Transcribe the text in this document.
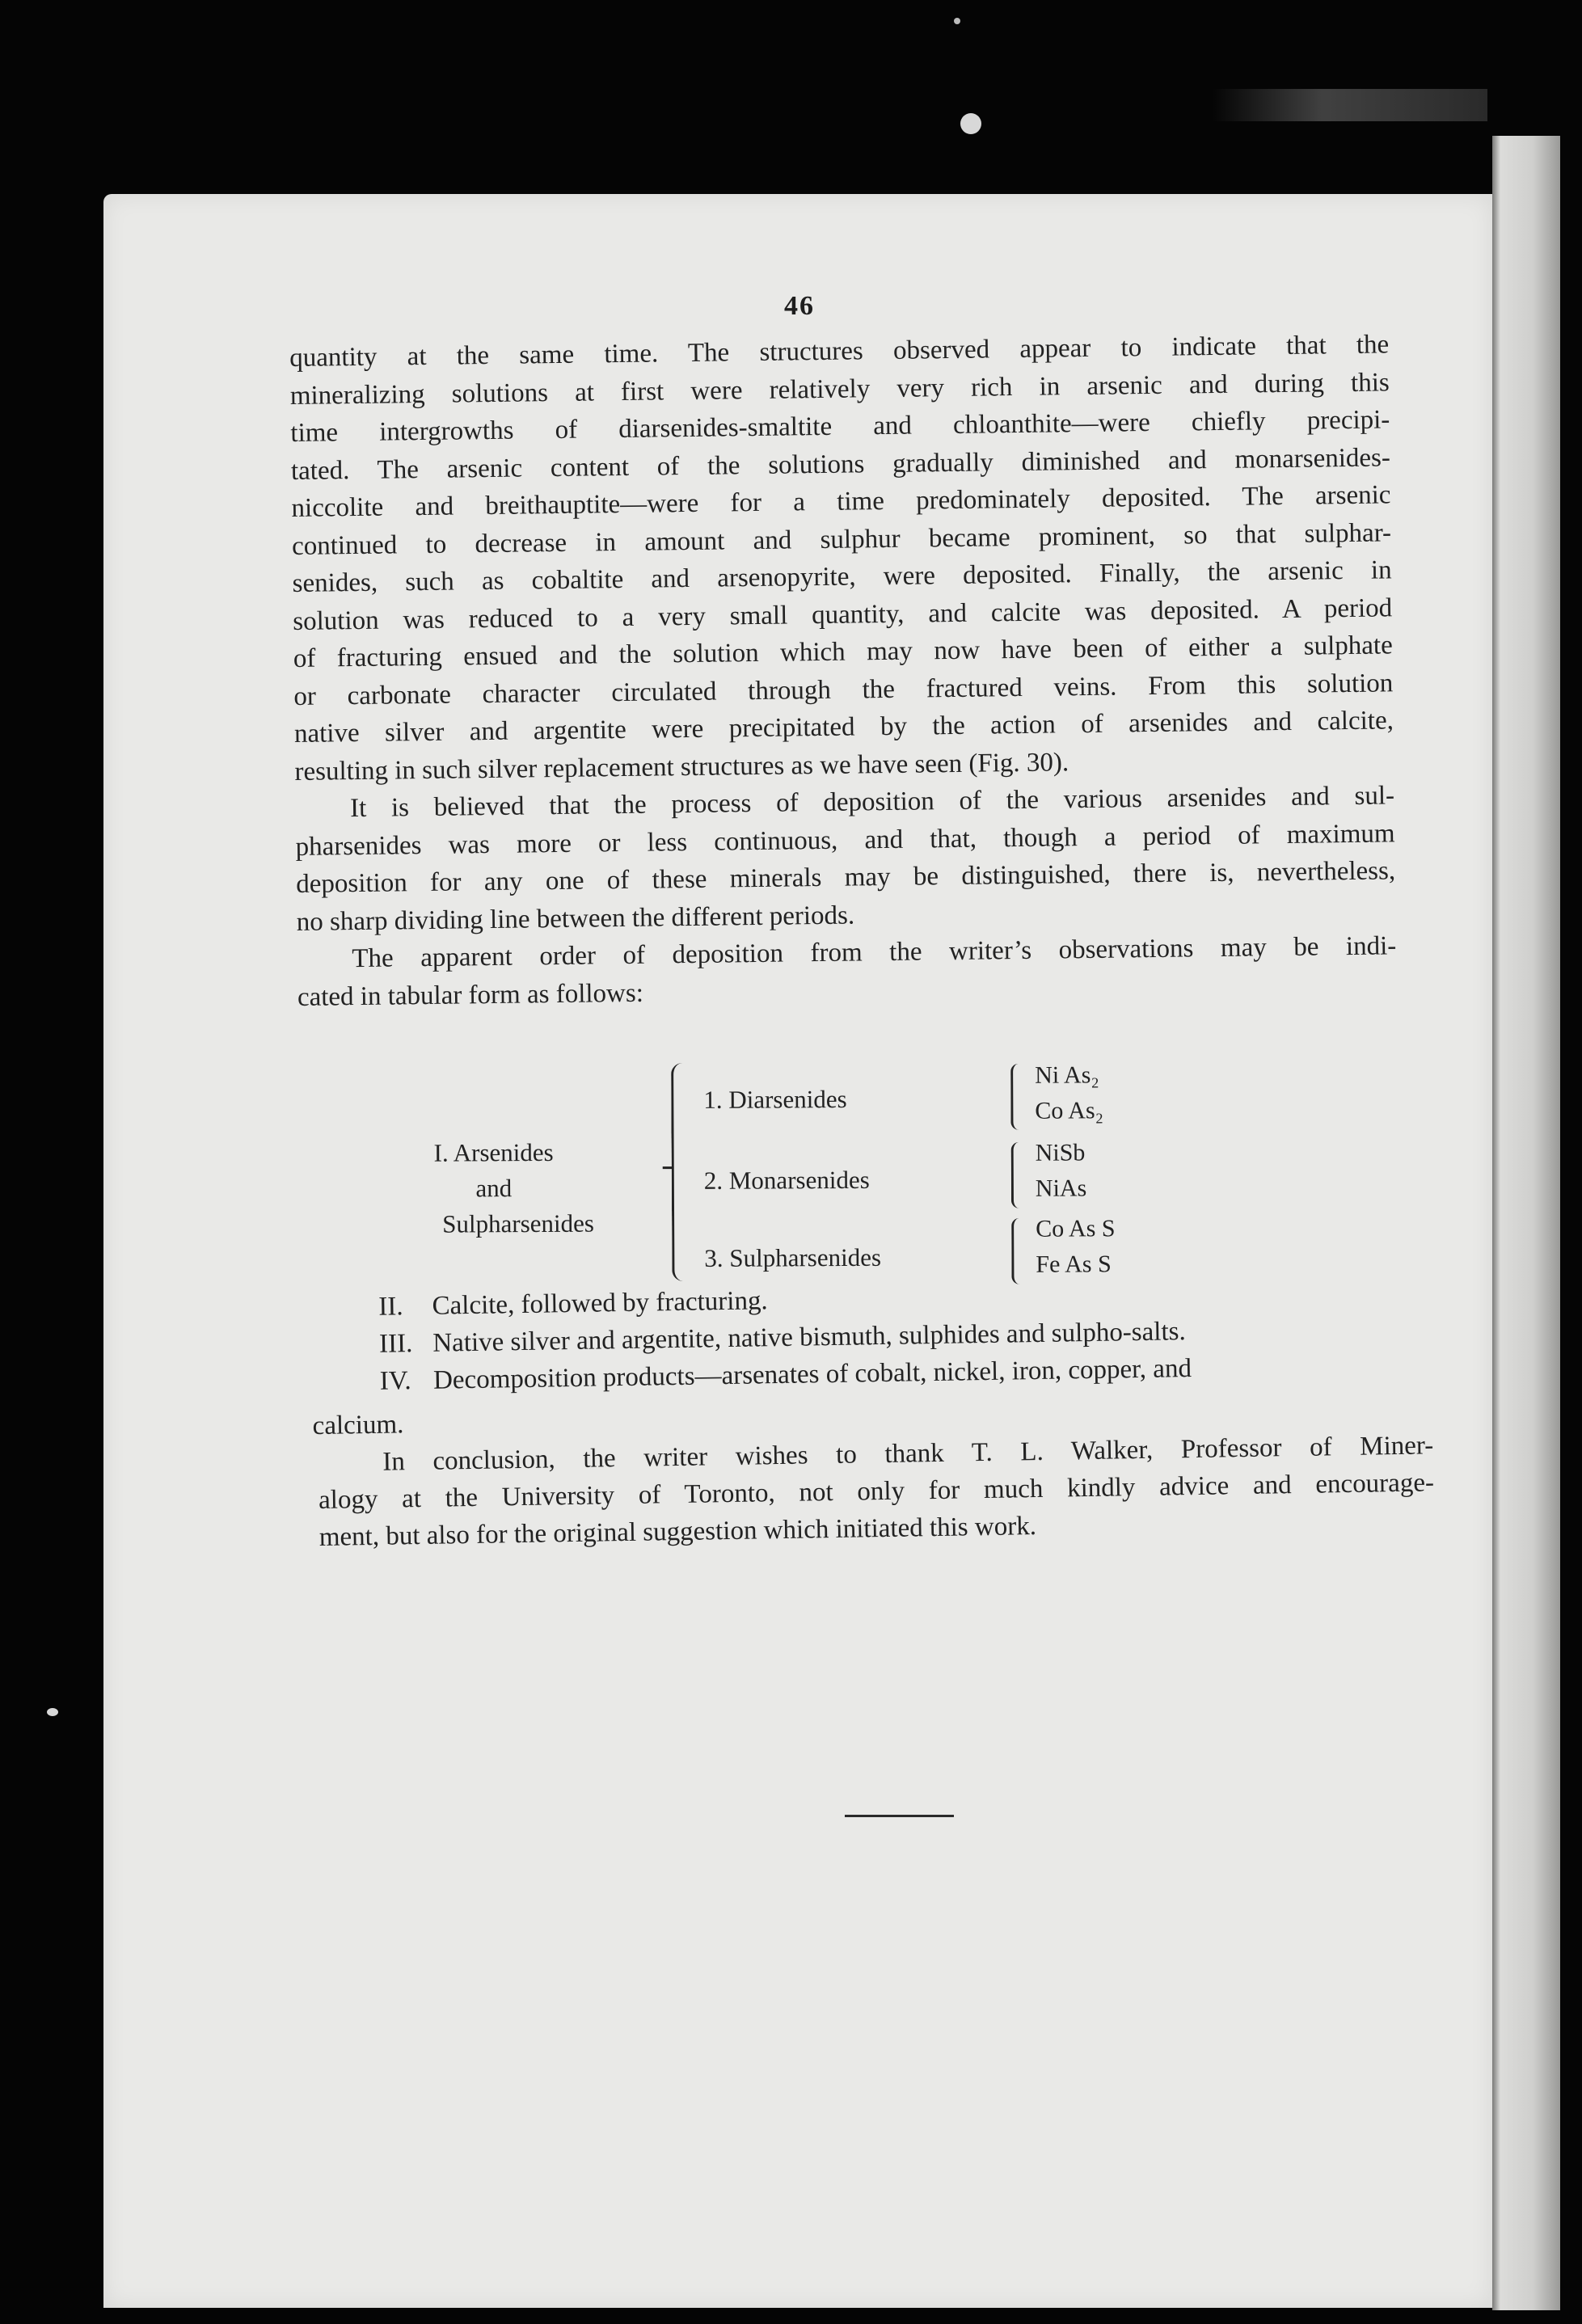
46
quantity at the same time. The structures observed appear to indicate that the
mineralizing solutions at first were relatively very rich in arsenic and during this
time intergrowths of diarsenides-smaltite and chloanthite—were chiefly precipi-
tated. The arsenic content of the solutions gradually diminished and monarsenides-
niccolite and breithauptite—were for a time predominately deposited. The arsenic
continued to decrease in amount and sulphur became prominent, so that sulphar-
senides, such as cobaltite and arsenopyrite, were deposited. Finally, the arsenic in
solution was reduced to a very small quantity, and calcite was deposited. A period
of fracturing ensued and the solution which may now have been of either a sulphate
or carbonate character circulated through the fractured veins. From this solution
native silver and argentite were precipitated by the action of arsenides and calcite,
resulting in such silver replacement structures as we have seen (Fig. 30).
It is believed that the process of deposition of the various arsenides and sul-
pharsenides was more or less continuous, and that, though a period of maximum
deposition for any one of these minerals may be distinguished, there is, nevertheless,
no sharp dividing line between the different periods.
The apparent order of deposition from the writer’s observations may be indi-
cated in tabular form as follows:
I. Arsenides
and
Sulpharsenides
1. Diarsenides
Ni As₂
Co As₂
2. Monarsenides
NiSb
NiAs
3. Sulpharsenides
Co As S
Fe As S
II. Calcite, followed by fracturing.
III. Native silver and argentite, native bismuth, sulphides and sulpho-salts.
IV. Decomposition products—arsenates of cobalt, nickel, iron, copper, and
calcium.
In conclusion, the writer wishes to thank T. L. Walker, Professor of Miner-
alogy at the University of Toronto, not only for much kindly advice and encourage-
ment, but also for the original suggestion which initiated this work.
